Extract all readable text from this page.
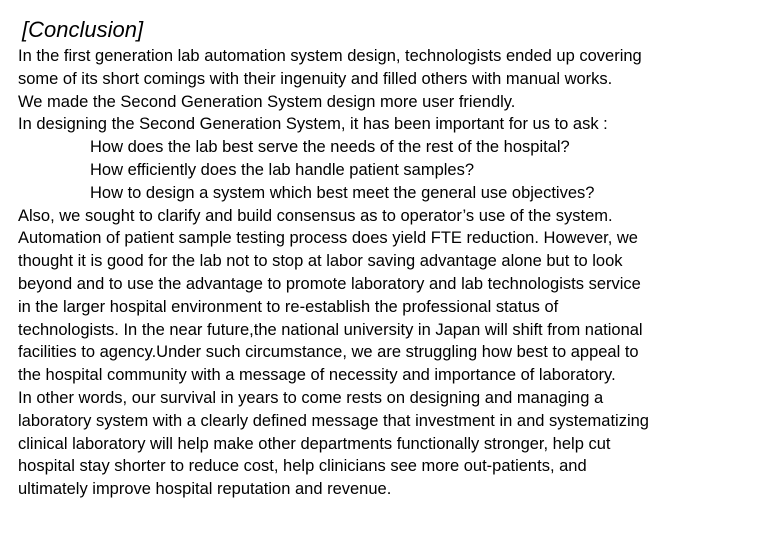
[Conclusion]
In the first generation lab automation system design, technologists ended up covering
some of its short comings with their ingenuity and filled others with manual works.
We made the Second Generation System design more user friendly.
In designing the Second Generation System, it has been important for us to ask :
How does the lab best serve the needs of the rest of the hospital?
How efficiently does the lab handle patient samples?
How to design a system which best meet the general use objectives?
Also, we sought to clarify and build consensus as to operator’s use of the system.
Automation of patient sample testing process does yield FTE reduction. However, we
thought it is good for the lab not to stop at labor saving advantage alone but to look
beyond and to use the advantage to promote laboratory and lab technologists service
in the larger hospital environment to re-establish the professional status of
technologists. In the near future,the national university in Japan will shift from national
facilities to agency.Under such circumstance, we are struggling how best to appeal to
the hospital community with a message of necessity and importance of laboratory.
In other words, our survival in years to come rests on designing and managing a
laboratory system with a clearly defined message that investment in and systematizing
clinical laboratory will help make other departments functionally stronger, help cut
hospital stay shorter to reduce cost, help clinicians see more out-patients, and
ultimately improve hospital reputation and revenue.
